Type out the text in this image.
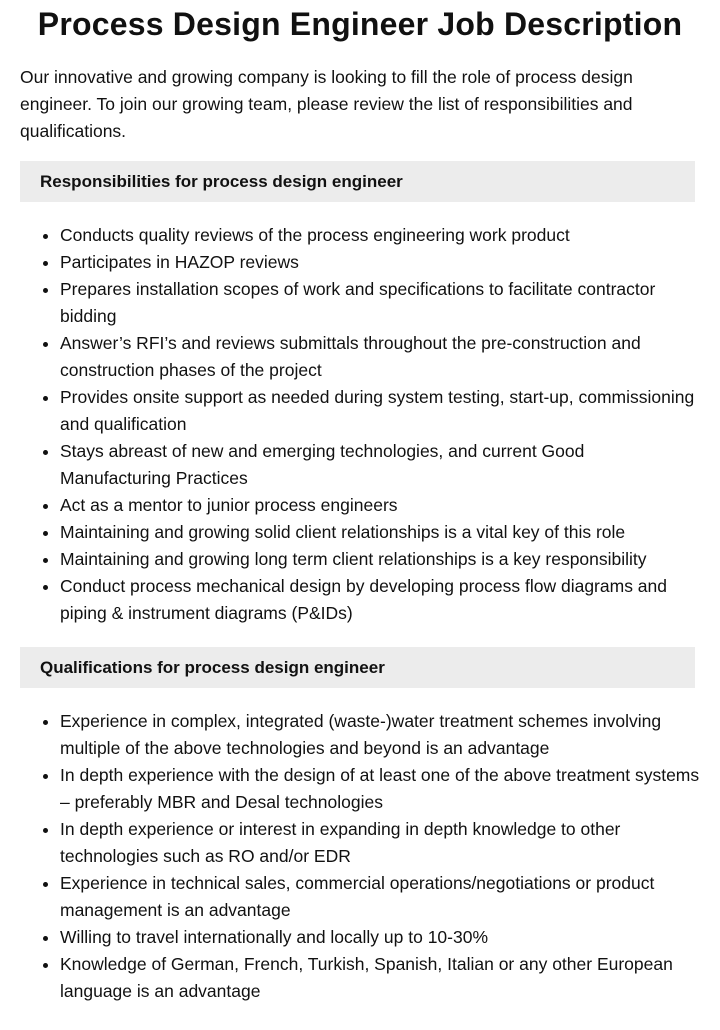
Process Design Engineer Job Description

Our innovative and growing company is looking to fill the role of process design engineer. To join our growing team, please review the list of responsibilities and qualifications.

Responsibilities for process design engineer
• Conducts quality reviews of the process engineering work product
• Participates in HAZOP reviews
• Prepares installation scopes of work and specifications to facilitate contractor bidding
• Answer’s RFI’s and reviews submittals throughout the pre-construction and construction phases of the project
• Provides onsite support as needed during system testing, start-up, commissioning and qualification
• Stays abreast of new and emerging technologies, and current Good Manufacturing Practices
• Act as a mentor to junior process engineers
• Maintaining and growing solid client relationships is a vital key of this role
• Maintaining and growing long term client relationships is a key responsibility
• Conduct process mechanical design by developing process flow diagrams and piping & instrument diagrams (P&IDs)
Qualifications for process design engineer
• Experience in complex, integrated (waste-)water treatment schemes involving multiple of the above technologies and beyond is an advantage
• In depth experience with the design of at least one of the above treatment systems – preferably MBR and Desal technologies
• In depth experience or interest in expanding in depth knowledge to other technologies such as RO and/or EDR
• Experience in technical sales, commercial operations/negotiations or product management is an advantage
• Willing to travel internationally and locally up to 10-30%
• Knowledge of German, French, Turkish, Spanish, Italian or any other European language is an advantage
